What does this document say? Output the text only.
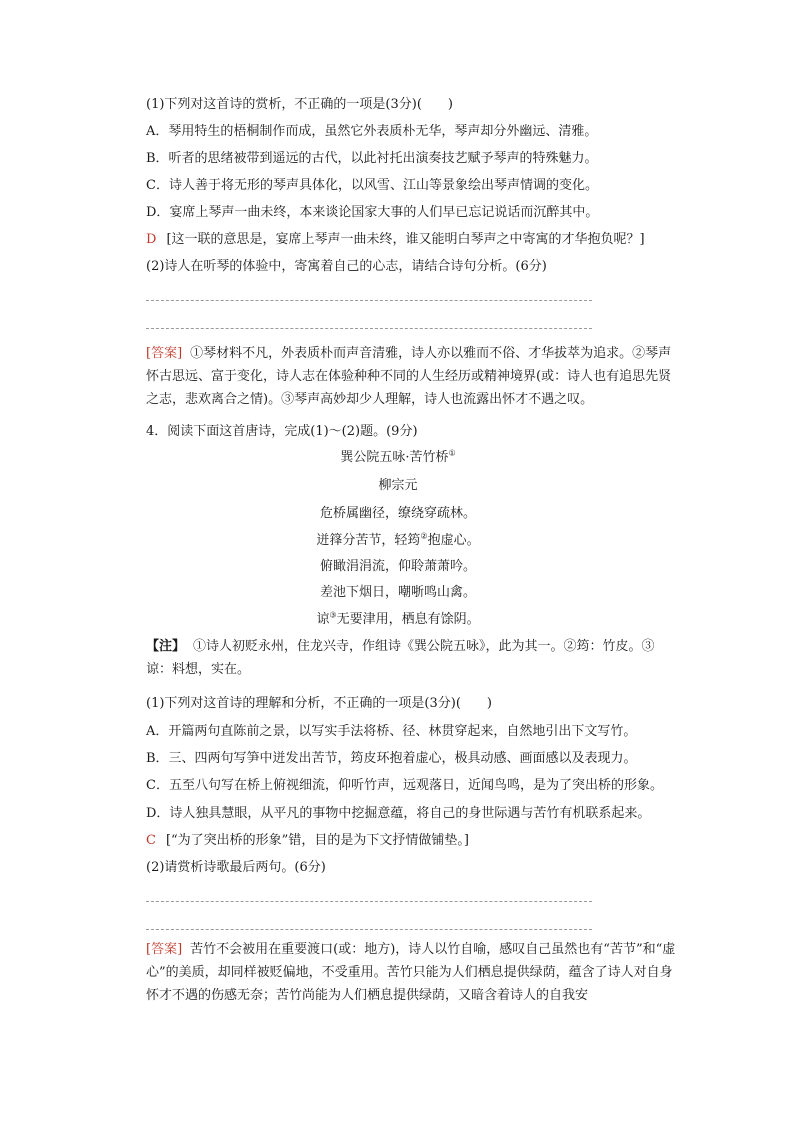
(1)下列对这首诗的赏析，不正确的一项是(3分)(　　)
A．琴用特生的梧桐制作而成，虽然它外表质朴无华，琴声却分外幽远、清雅。
B．听者的思绪被带到遥远的古代，以此衬托出演奏技艺赋予琴声的特殊魅力。
C．诗人善于将无形的琴声具体化，以风雪、江山等景象绘出琴声情调的变化。
D．宴席上琴声一曲未终，本来谈论国家大事的人们早已忘记说话而沉醉其中。
D [这一联的意思是，宴席上琴声一曲未终，谁又能明白琴声之中寄寓的才华抱负呢？]
(2)诗人在听琴的体验中，寄寓着自己的心志，请结合诗句分析。(6分)
[答案] ①琴材料不凡，外表质朴而声音清雅，诗人亦以雅而不俗、才华拔萃为追求。②琴声怀古思远、富于变化，诗人志在体验种种不同的人生经历或精神境界(或：诗人也有追思先贤之志，悲欢离合之情)。③琴声高妙却少人理解，诗人也流露出怀才不遇之叹。
4．阅读下面这首唐诗，完成(1)～(2)题。(9分)
巽公院五咏·苦竹桥①
柳宗元
危桥属幽径，缭绕穿疏林。
迸箨分苦节，轻筠②抱虚心。
俯瞰涓涓流，仰聆萧萧吟。
差池下烟日，嘲哳鸣山禽。
谅③无要津用，栖息有馀阴。
【注】 ①诗人初贬永州，住龙兴寺，作组诗《巽公院五咏》，此为其一。②筠：竹皮。③谅：料想，实在。
(1)下列对这首诗的理解和分析，不正确的一项是(3分)(　　)
A．开篇两句直陈前之景，以写实手法将桥、径、林贯穿起来，自然地引出下文写竹。
B．三、四两句写笋中迸发出苦节，筠皮环抱着虚心，极具动感、画面感以及表现力。
C．五至八句写在桥上俯视细流，仰听竹声，远观落日，近闻鸟鸣，是为了突出桥的形象。
D．诗人独具慧眼，从平凡的事物中挖掘意蕴，将自己的身世际遇与苦竹有机联系起来。
C [“为了突出桥的形象”错，目的是为下文抒情做铺垫。]
(2)请赏析诗歌最后两句。(6分)
[答案] 苦竹不会被用在重要渡口(或：地方)，诗人以竹自喻，感叹自己虽然也有“苦节”和“虚心”的美质，却同样被贬偏地，不受重用。苦竹只能为人们栖息提供绿荫，蕴含了诗人对自身怀才不遇的伤感无奈；苦竹尚能为人们栖息提供绿荫，又暗含着诗人的自我安
